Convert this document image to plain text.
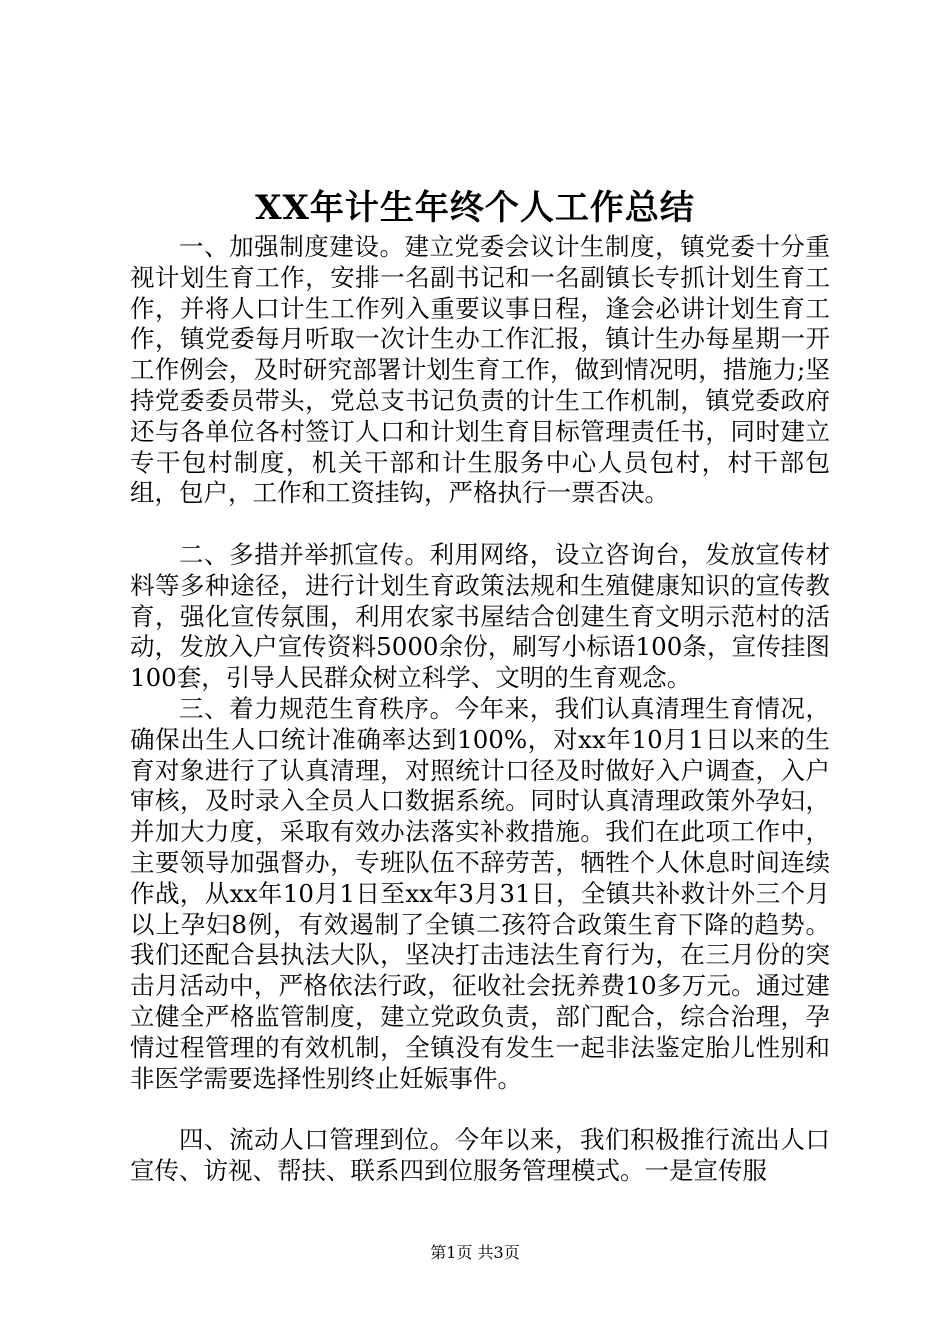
XX年计生年终个人工作总结

一、加强制度建设。建立党委会议计生制度，镇党委十分重视计划生育工作，安排一名副书记和一名副镇长专抓计划生育工作，并将人口计生工作列入重要议事日程，逢会必讲计划生育工作，镇党委每月听取一次计生办工作汇报，镇计生办每星期一开工作例会，及时研究部署计划生育工作，做到情况明，措施力;坚持党委委员带头，党总支书记负责的计生工作机制，镇党委政府还与各单位各村签订人口和计划生育目标管理责任书，同时建立专干包村制度，机关干部和计生服务中心人员包村，村干部包组，包户，工作和工资挂钩，严格执行一票否决。

二、多措并举抓宣传。利用网络，设立咨询台，发放宣传材料等多种途径，进行计划生育政策法规和生殖健康知识的宣传教育，强化宣传氛围，利用农家书屋结合创建生育文明示范村的活动，发放入户宣传资料5000余份，刷写小标语100条，宣传挂图100套，引导人民群众树立科学、文明的生育观念。

三、着力规范生育秩序。今年来，我们认真清理生育情况，确保出生人口统计准确率达到100%，对xx年10月1日以来的生育对象进行了认真清理，对照统计口径及时做好入户调查，入户审核，及时录入全员人口数据系统。同时认真清理政策外孕妇，并加大力度，采取有效办法落实补救措施。我们在此项工作中，主要领导加强督办，专班队伍不辞劳苦，牺牲个人休息时间连续作战，从xx年10月1日至xx年3月31日，全镇共补救计外三个月以上孕妇8例，有效遏制了全镇二孩符合政策生育下降的趋势。我们还配合县执法大队，坚决打击违法生育行为，在三月份的突击月活动中，严格依法行政，征收社会抚养费10多万元。通过建立健全严格监管制度，建立党政负责，部门配合，综合治理，孕情过程管理的有效机制，全镇没有发生一起非法鉴定胎儿性别和非医学需要选择性别终止妊娠事件。

四、流动人口管理到位。今年以来，我们积极推行流出人口宣传、访视、帮扶、联系四到位服务管理模式。一是宣传服

第1页 共3页
